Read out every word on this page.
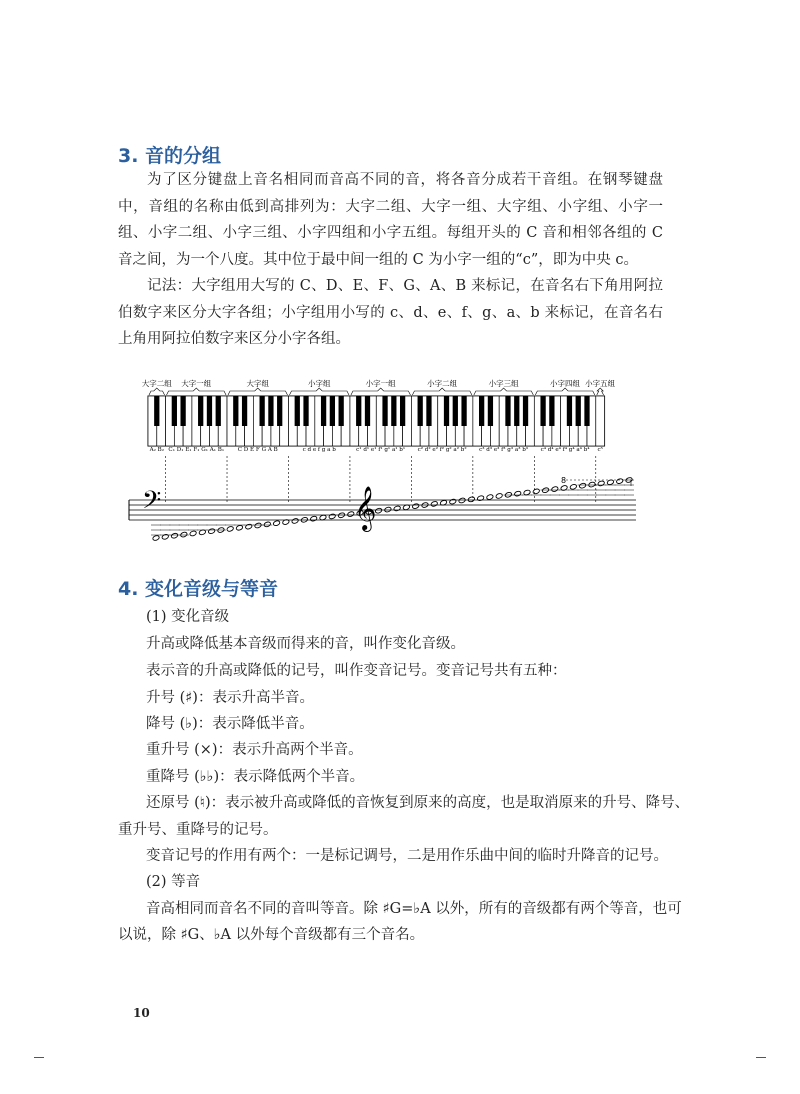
3. 音的分组
为了区分键盘上音名相同而音高不同的音，将各音分成若干音组。在钢琴键盘中，音组的名称由低到高排列为：大字二组、大字一组、大字组、小字组、小字一组、小字二组、小字三组、小字四组和小字五组。每组开头的 C 音和相邻各组的 C 音之间，为一个八度。其中位于最中间一组的 C 为小字一组的“c”，即为中央 c。
记法：大字组用大写的 C、D、E、F、G、A、B 来标记，在音名右下角用阿拉伯数字来区分大字各组；小字组用小写的 c、d、e、f、g、a、b 来标记，在音名右上角用阿拉伯数字来区分小字各组。
大字二组 大字一组	大字组	小字组	小字一组	小字二组	小字三组	小字四组 小字五组
A₂ B₂ C₁ D₁ E₁ F₁ G₁ A₁ B₁ C D E F G A B	c d e f g a b	c¹ d¹ e¹ f¹ g¹ a¹ b¹ c² d² e² f² g² a² b² c³ d³ e³ f³ g³ a³ b³ c⁴ d⁴ e⁴ f⁴ g⁴ a⁴ b⁴ c⁵
𝄢	𝄞
8
4. 变化音级与等音
(1) 变化音级
升高或降低基本音级而得来的音，叫作变化音级。
表示音的升高或降低的记号，叫作变音记号。变音记号共有五种：
升号 (♯)：表示升高半音。
降号 (♭)：表示降低半音。
重升号 (×)：表示升高两个半音。
重降号 (♭♭)：表示降低两个半音。
还原号 (♮)：表示被升高或降低的音恢复到原来的高度，也是取消原来的升号、降号、
重升号、重降号的记号。
变音记号的作用有两个：一是标记调号，二是用作乐曲中间的临时升降音的记号。
(2) 等音
音高相同而音名不同的音叫等音。除 ♯G=♭A 以外，所有的音级都有两个等音，也可
以说，除 ♯G、♭A 以外每个音级都有三个音名。
10
